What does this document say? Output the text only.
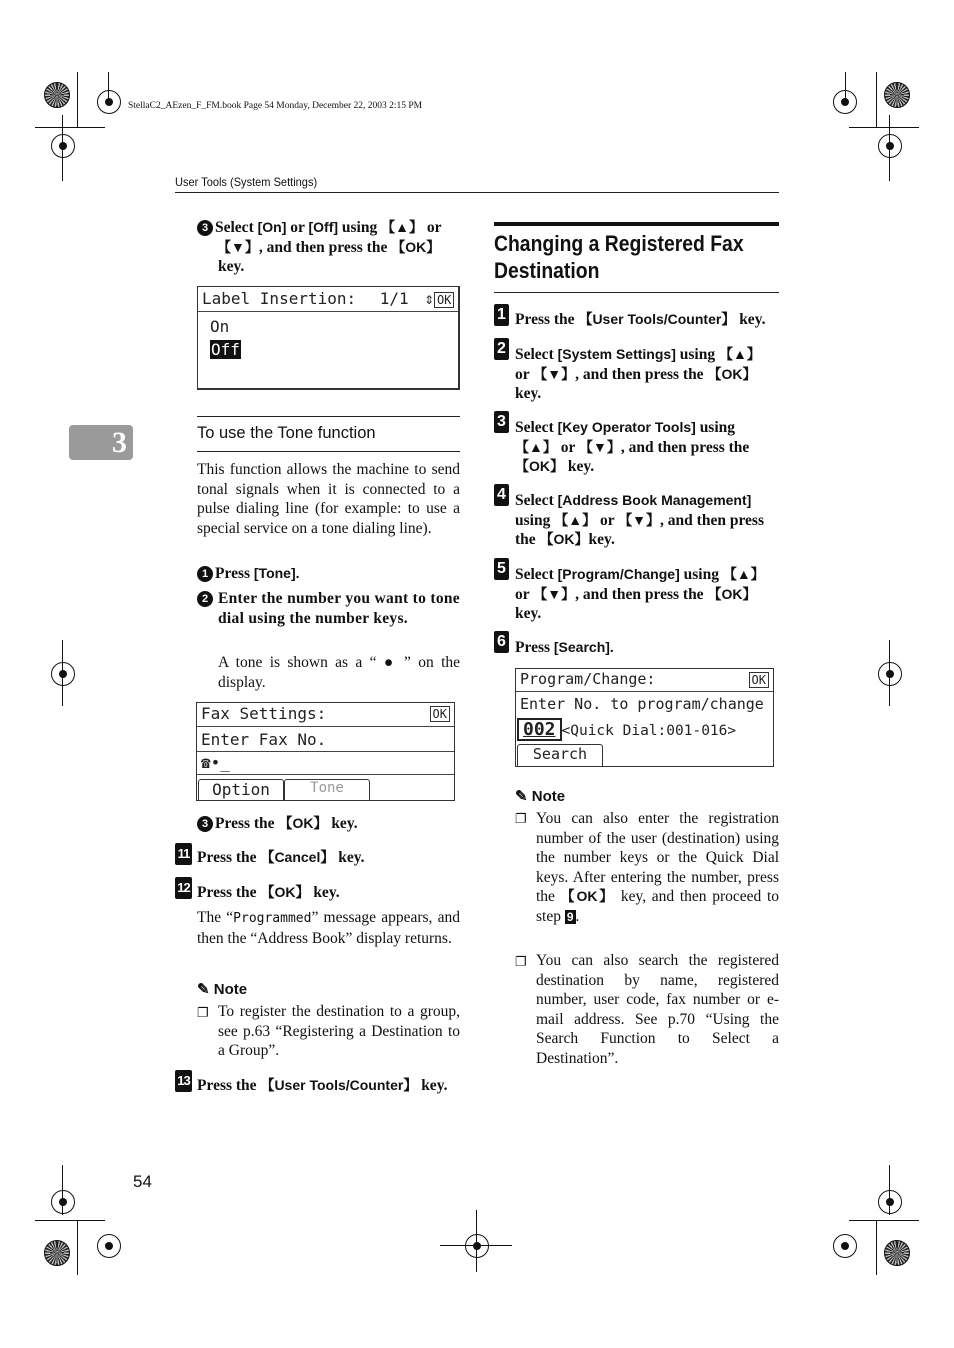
StellaC2_AEzen_F_FM.book Page 54 Monday, December 22, 2003 2:15 PM
User Tools (System Settings)
3
3 Select [On] or [Off] using 【▲】 or
【▼】, and then press the 【OK】
key.
Label Insertion: 1/1 ⇕ OK
On
Off
To use the Tone function
This function allows the machine to send tonal signals when it is connected to a pulse dialing line (for example: to use a special service on a tone dialing line).
1 Press [Tone].
2 Enter the number you want to tone dial using the number keys.
A tone is shown as a “ ● ” on the display.
Fax Settings:	OK
Enter Fax No.
☎•_
Option	Tone
3 Press the 【OK】 key.
11 Press the 【Cancel】 key.
12 Press the 【OK】 key.
The “Programmed” message appears, and then the “Address Book” display returns.
✎ Note
❐ To register the destination to a group, see p.63 “Registering a Destination to a Group”.
13 Press the 【User Tools/Counter】 key.
Changing a Registered Fax Destination
1 Press the 【User Tools/Counter】 key.
2 Select [System Settings] using 【▲】
or 【▼】, and then press the 【OK】
key.
3 Select [Key Operator Tools] using
【▲】 or 【▼】, and then press the
【OK】 key.
4 Select [Address Book Management]
using 【▲】 or 【▼】, and then press
the 【OK】key.
5 Select [Program/Change] using 【▲】
or 【▼】, and then press the 【OK】
key.
6 Press [Search].
Program/Change:	OK
Enter No. to program/change
002 <Quick Dial:001-016>
Search
✎ Note
❐ You can also enter the registration number of the user (destination) using the number keys or the Quick Dial keys. After entering the number, press the 【OK】 key, and then proceed to step 9 .
❐ You can also search the registered destination by name, registered number, user code, fax number or e-mail address. See p.70 “Using the Search Function to Select a Destination”.
54
